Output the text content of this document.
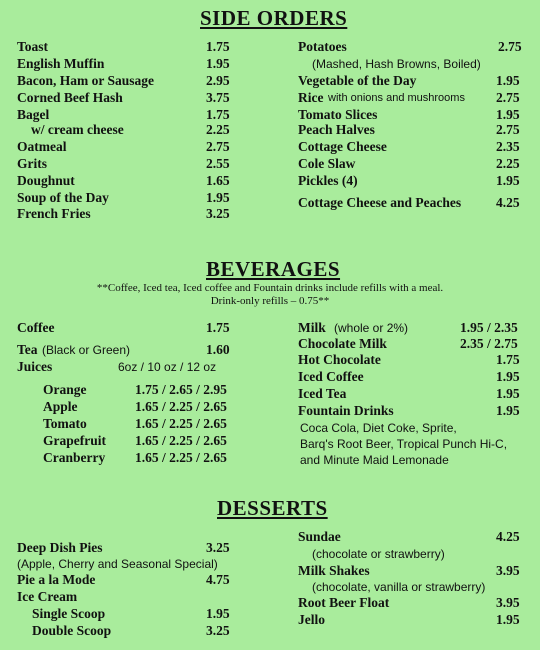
SIDE ORDERS
Toast	1.75
English Muffin	1.95
Bacon, Ham or Sausage	2.95
Corned Beef Hash	3.75
Bagel	1.75
w/ cream cheese	2.25
Oatmeal	2.75
Grits	2.55
Doughnut	1.65
Soup of the Day	1.95
French Fries	3.25
Potatoes	2.75
(Mashed, Hash Browns, Boiled)
Vegetable of the Day	1.95
Rice with onions and mushrooms 2.75
Tomato Slices	1.95
Peach Halves	2.75
Cottage Cheese	2.35
Cole Slaw	2.25
Pickles (4)	1.95
Cottage Cheese and Peaches	4.25
BEVERAGES
**Coffee, Iced tea, Iced coffee and Fountain drinks include refills with a meal.
Drink-only refills – 0.75**
Coffee	1.75
Tea (Black or Green)	1.60
Juices	6oz / 10 oz / 12 oz
Orange	1.75 / 2.65 / 2.95
Apple	1.65 / 2.25 / 2.65
Tomato	1.65 / 2.25 / 2.65
Grapefruit 1.65 / 2.25 / 2.65
Cranberry 1.65 / 2.25 / 2.65
Milk (whole or 2%)	1.95 / 2.35
Chocolate Milk	2.35 / 2.75
Hot Chocolate	1.75
Iced Coffee	1.95
Iced Tea	1.95
Fountain Drinks	1.95
Coca Cola, Diet Coke, Sprite,
Barq's Root Beer, Tropical Punch Hi-C,
and Minute Maid Lemonade
DESSERTS
Deep Dish Pies	3.25
(Apple, Cherry and Seasonal Special)
Pie a la Mode	4.75
Ice Cream
Single Scoop	1.95
Double Scoop	3.25
Sundae	4.25
(chocolate or strawberry)
Milk Shakes	3.95
(chocolate, vanilla or strawberry)
Root Beer Float	3.95
Jello	1.95
